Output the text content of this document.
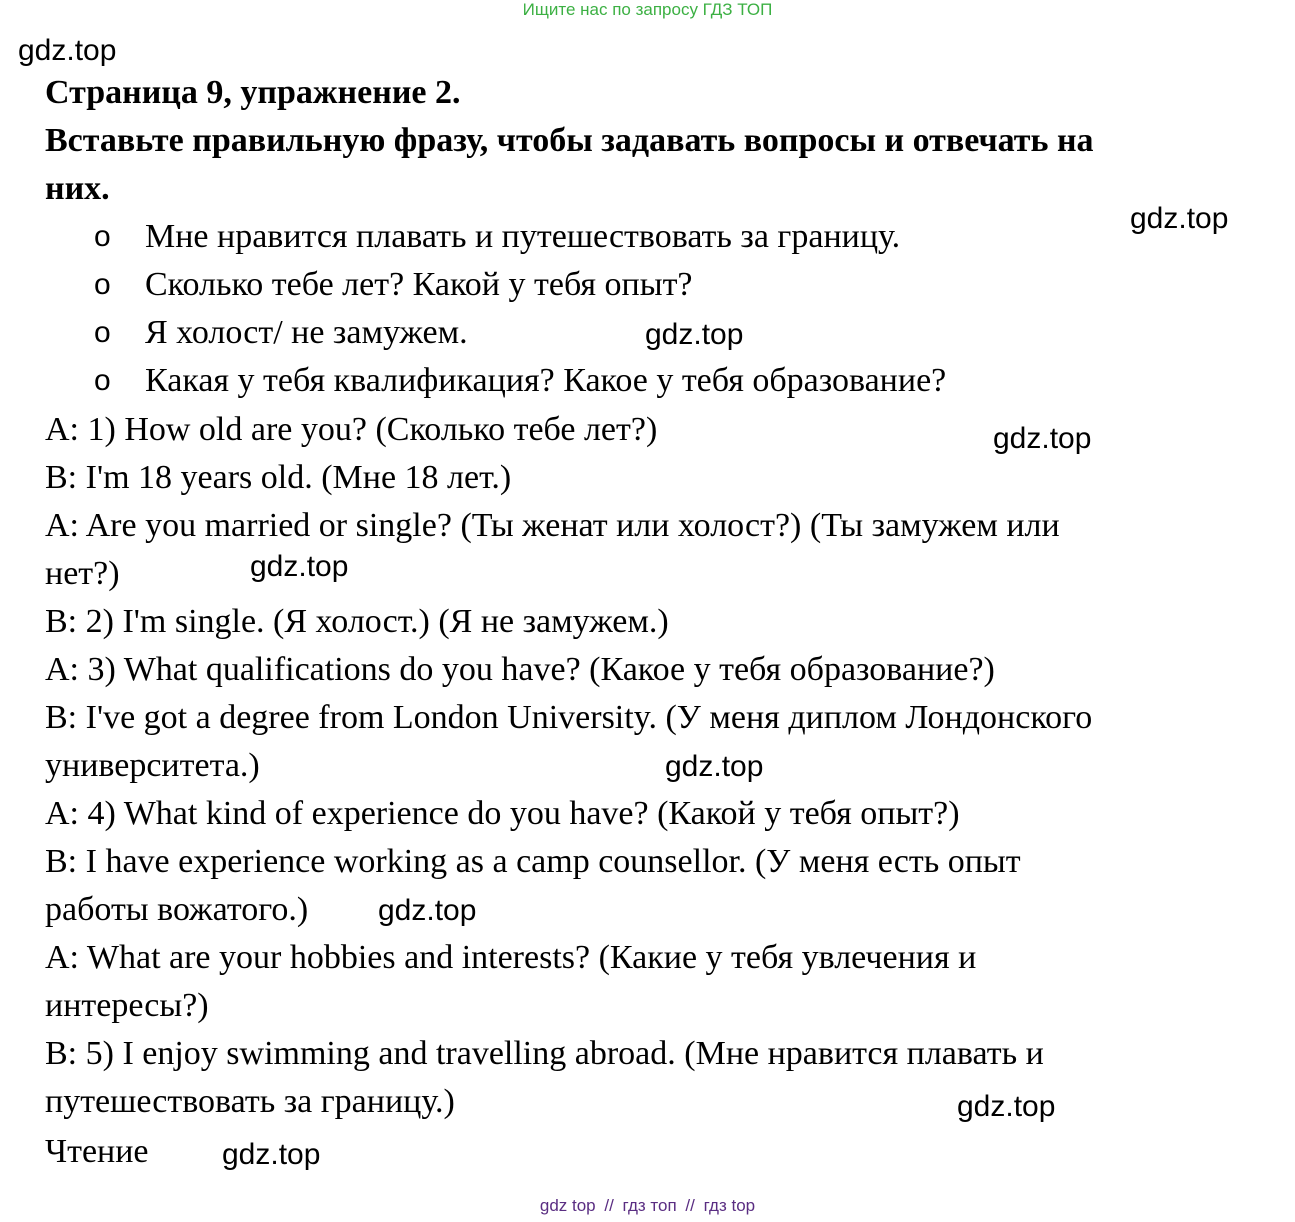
Ищите нас по запросу ГДЗ ТОП
gdz.top
Страница 9, упражнение 2.
Вставьте правильную фразу, чтобы задавать вопросы и отвечать на
них.
gdz.top
o Мне нравится плавать и путешествовать за границу.
o Сколько тебе лет? Какой у тебя опыт?
o Я холост/ не замужем.	gdz.top
o Какая у тебя квалификация? Какое у тебя образование?
A: 1) How old are you? (Сколько тебе лет?)	gdz.top
B: I'm 18 years old. (Мне 18 лет.)
A: Are you married or single? (Ты женат или холост?) (Ты замужем или
нет?)	gdz.top
B: 2) I'm single. (Я холост.) (Я не замужем.)
A: 3) What qualifications do you have? (Какое у тебя образование?)
B: I've got a degree from London University. (У меня диплом Лондонского
университета.)	gdz.top
A: 4) What kind of experience do you have? (Какой у тебя опыт?)
B: I have experience working as a camp counsellor. (У меня есть опыт
работы вожатого.) gdz.top
A: What are your hobbies and interests? (Какие у тебя увлечения и
интересы?)
B: 5) I enjoy swimming and travelling abroad. (Мне нравится плавать и
путешествовать за границу.)	gdz.top
Чтение gdz.top
gdz top // гдз топ // гдз top
